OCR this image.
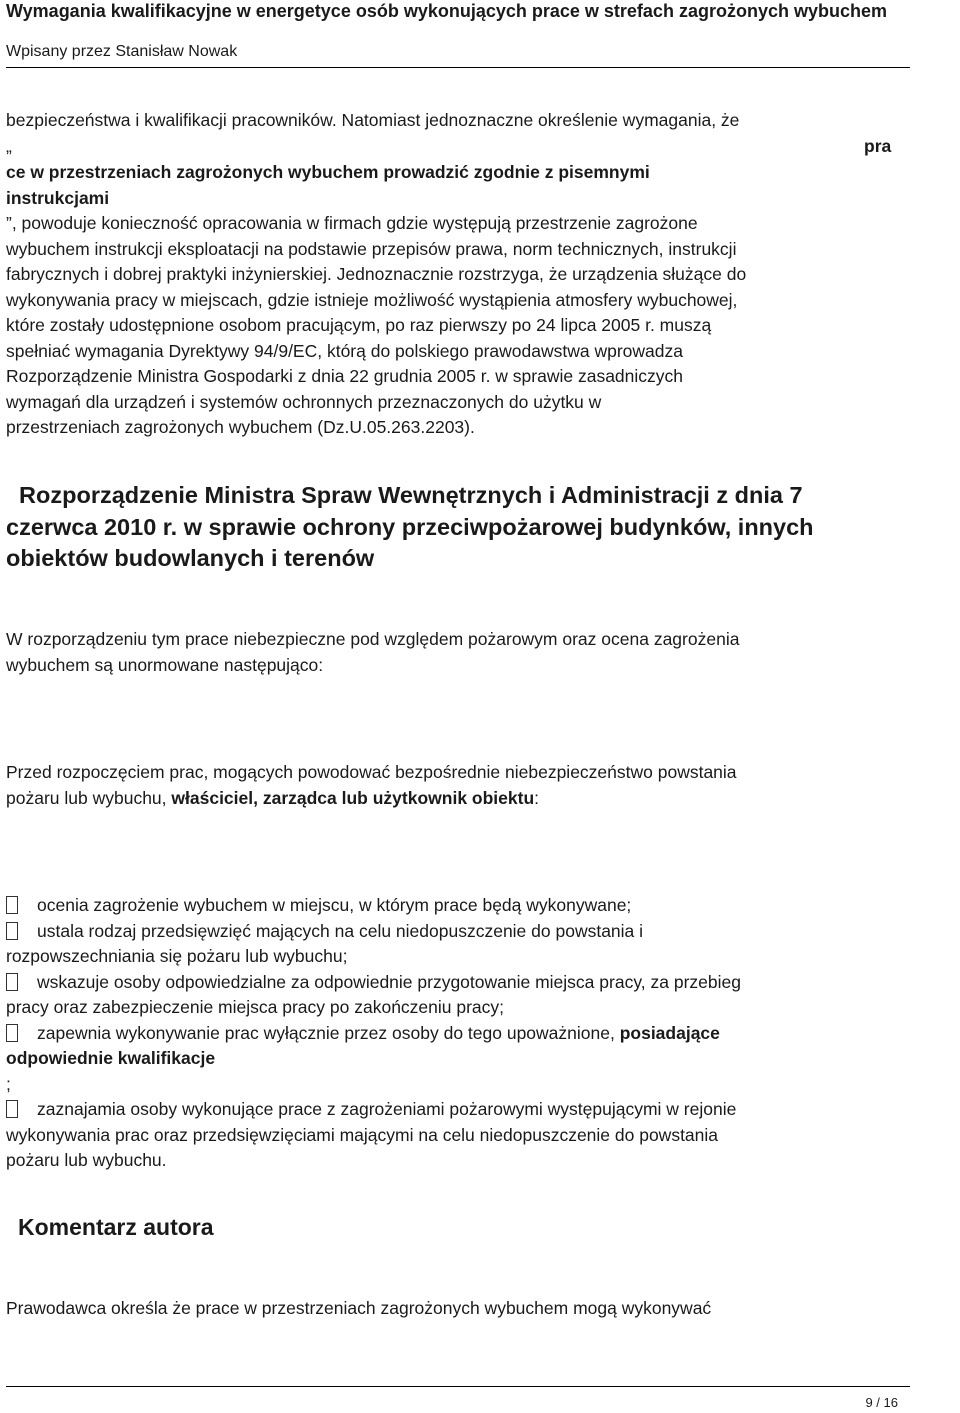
Wymagania kwalifikacyjne w energetyce osób wykonujących prace w strefach zagrożonych wybuchem
Wpisany przez Stanisław Nowak
bezpieczeństwa i kwalifikacji pracowników. Natomiast jednoznaczne określenie wymagania, że
„	pra
ce w przestrzeniach zagrożonych wybuchem prowadzić zgodnie z pisemnymi
instrukcjami
”, powoduje konieczność opracowania w firmach gdzie występują przestrzenie zagrożone
wybuchem instrukcji eksploatacji na podstawie przepisów prawa, norm technicznych, instrukcji
fabrycznych i dobrej praktyki inżynierskiej. Jednoznacznie rozstrzyga, że urządzenia służące do
wykonywania pracy w miejscach, gdzie istnieje możliwość wystąpienia atmosfery wybuchowej,
które zostały udostępnione osobom pracującym, po raz pierwszy po 24 lipca 2005 r. muszą
spełniać wymagania Dyrektywy 94/9/EC, którą do polskiego prawodawstwa wprowadza
Rozporządzenie Ministra Gospodarki z dnia 22 grudnia 2005 r. w sprawie zasadniczych
wymagań dla urządzeń i systemów ochronnych przeznaczonych do użytku w
przestrzeniach zagrożonych wybuchem (Dz.U.05.263.2203).
Rozporządzenie Ministra Spraw Wewnętrznych i Administracji z dnia 7
czerwca 2010 r. w sprawie ochrony przeciwpożarowej budynków, innych
obiektów budowlanych i terenów
W rozporządzeniu tym prace niebezpieczne pod względem pożarowym oraz ocena zagrożenia
wybuchem są unormowane następująco:
Przed rozpoczęciem prac, mogących powodować bezpośrednie niebezpieczeństwo powstania
pożaru lub wybuchu, właściciel, zarządca lub użytkownik obiektu:
ocenia zagrożenie wybuchem w miejscu, w którym prace będą wykonywane;
ustala rodzaj przedsięwzięć mających na celu niedopuszczenie do powstania i
rozpowszechniania się pożaru lub wybuchu;
wskazuje osoby odpowiedzialne za odpowiednie przygotowanie miejsca pracy, za przebieg
pracy oraz zabezpieczenie miejsca pracy po zakończeniu pracy;
zapewnia wykonywanie prac wyłącznie przez osoby do tego upoważnione, posiadające
odpowiednie kwalifikacje
;
zaznajamia osoby wykonujące prace z zagrożeniami pożarowymi występującymi w rejonie
wykonywania prac oraz przedsięwzięciami mającymi na celu niedopuszczenie do powstania
pożaru lub wybuchu.
Komentarz autora
Prawodawca określa że prace w przestrzeniach zagrożonych wybuchem mogą wykonywać
9 / 16
